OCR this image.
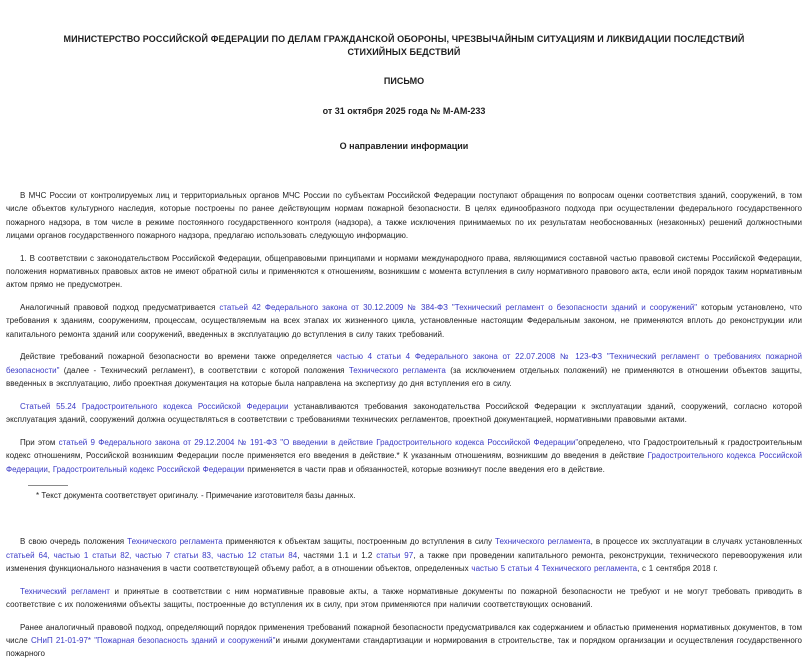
МИНИСТЕРСТВО РОССИЙСКОЙ ФЕДЕРАЦИИ ПО ДЕЛАМ ГРАЖДАНСКОЙ ОБОРОНЫ, ЧРЕЗВЫЧАЙНЫМ СИТУАЦИЯМ И ЛИКВИДАЦИИ ПОСЛЕДСТВИЙ СТИХИЙНЫХ БЕДСТВИЙ
ПИСЬМО
от 31 октября 2025 года № М-АМ-233
О направлении информации

В МЧС России от контролируемых лиц и территориальных органов МЧС России по субъектам Российской Федерации поступают обращения по вопросам оценки соответствия зданий, сооружений, в том числе объектов культурного наследия, которые построены по ранее действующим нормам пожарной безопасности. В целях единообразного подхода при осуществлении федерального государственного пожарного надзора, в том числе в режиме постоянного государственного контроля (надзора), а также исключения принимаемых по их результатам необоснованных (незаконных) решений должностными лицами органов государственного пожарного надзора, предлагаю использовать следующую информацию.

1. В соответствии с законодательством Российской Федерации, общеправовыми принципами и нормами международного права, являющимися составной частью правовой системы Российской Федерации, положения нормативных правовых актов не имеют обратной силы и применяются к отношениям, возникшим с момента вступления в силу нормативного правового акта, если иной порядок таким нормативным актом прямо не предусмотрен.

Аналогичный правовой подход предусматривается статьей 42 Федерального закона от 30.12.2009 № 384-ФЗ "Технический регламент о безопасности зданий и сооружений" которым установлено, что требования к зданиям, сооружениям, процессам, осуществляемым на всех этапах их жизненного цикла, установленные настоящим Федеральным законом, не применяются вплоть до реконструкции или капитального ремонта зданий или сооружений, введенных в эксплуатацию до вступления в силу таких требований.

Действие требований пожарной безопасности во времени также определяется частью 4 статьи 4 Федерального закона от 22.07.2008 № 123-ФЗ "Технический регламент о требованиях пожарной безопасности" (далее - Технический регламент), в соответствии с которой положения Технического регламента (за исключением отдельных положений) не применяются в отношении объектов защиты, введенных в эксплуатацию, либо проектная документация на которые была направлена на экспертизу до дня вступления его в силу.

Статьей 55.24 Градостроительного кодекса Российской Федерации устанавливаются требования законодательства Российской Федерации к эксплуатации зданий, сооружений, согласно которой эксплуатация зданий, сооружений должна осуществляться в соответствии с требованиями технических регламентов, проектной документацией, нормативными правовыми актами.

При этом статьей 9 Федерального закона от 29.12.2004 № 191-ФЗ "О введении в действие Градостроительного кодекса Российской Федерации"определено, что Градостроительный к градостроительным кодекс отношениям, Российской возникшим Федерации после применяется его введения в действие.* К указанным отношениям, возникшим до введения в действие Градостроительного кодекса Российской Федерации, Градостроительный кодекс Российской Федерации применяется в части прав и обязанностей, которые возникнут после введения его в действие.

* Текст документа соответствует оригиналу. - Примечание изготовителя базы данных.

В свою очередь положения Технического регламента применяются к объектам защиты, построенным до вступления в силу Технического регламента, в процессе их эксплуатации в случаях установленных статьей 64, частью 1 статьи 82, частью 7 статьи 83, частью 12 статьи 84, частями 1.1 и 1.2 статьи 97, а также при проведении капитального ремонта, реконструкции, технического перевооружения или изменения функционального назначения в части соответствующей объему работ, а в отношении объектов, определенных частью 5 статьи 4 Технического регламента, с 1 сентября 2018 г.

Технический регламент и принятые в соответствии с ним нормативные правовые акты, а также нормативные документы по пожарной безопасности не требуют и не могут требовать приводить в соответствие с их положениями объекты защиты, построенные до вступления их в силу, при этом применяются при наличии соответствующих оснований.

Ранее аналогичный правовой подход, определяющий порядок применения требований пожарной безопасности предусматривался как содержанием и областью применения нормативных документов, в том числе СНиП 21-01-97* "Пожарная безопасность зданий и сооружений"и иными документами стандартизации и нормирования в строительстве, так и порядком организации и осуществления государственного пожарного
